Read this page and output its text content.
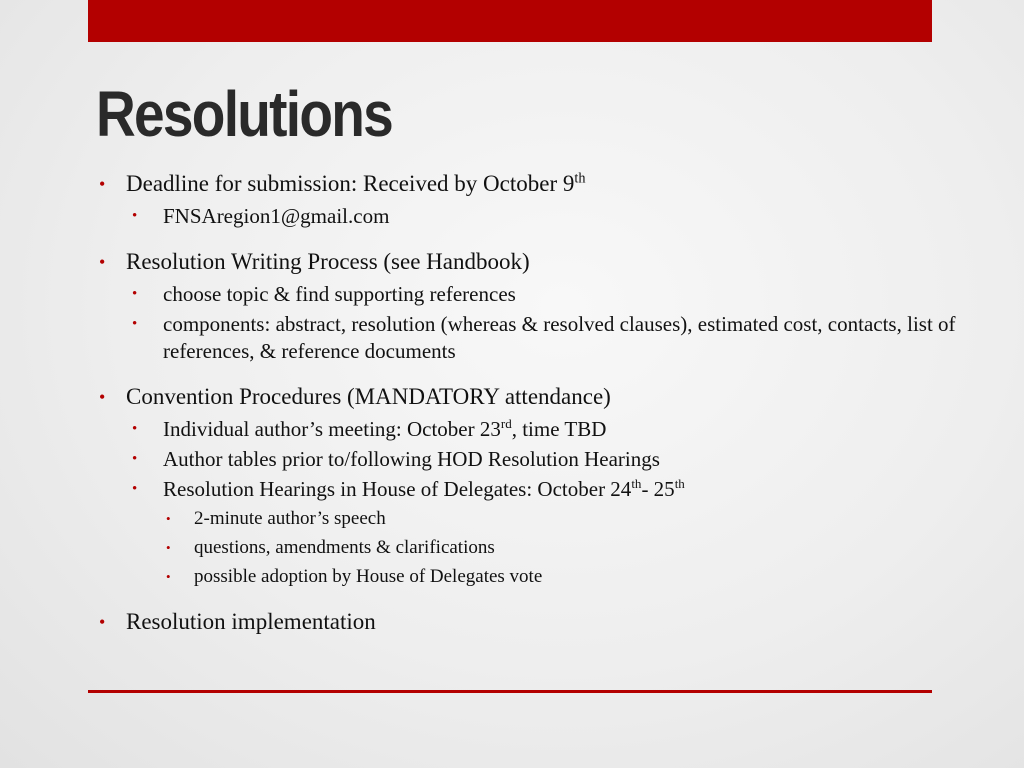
Resolutions

• Deadline for submission: Received by October 9th

• FNSAregion1@gmail.com

• Resolution Writing Process (see Handbook)

• choose topic & find supporting references

• components: abstract, resolution (whereas & resolved clauses), estimated cost, contacts, list of references, & reference documents

• Convention Procedures (MANDATORY attendance)

• Individual author’s meeting: October 23rd, time TBD

• Author tables prior to/following HOD Resolution Hearings

• Resolution Hearings in House of Delegates: October 24th- 25th

• 2-minute author’s speech

• questions, amendments & clarifications

• possible adoption by House of Delegates vote

• Resolution implementation
